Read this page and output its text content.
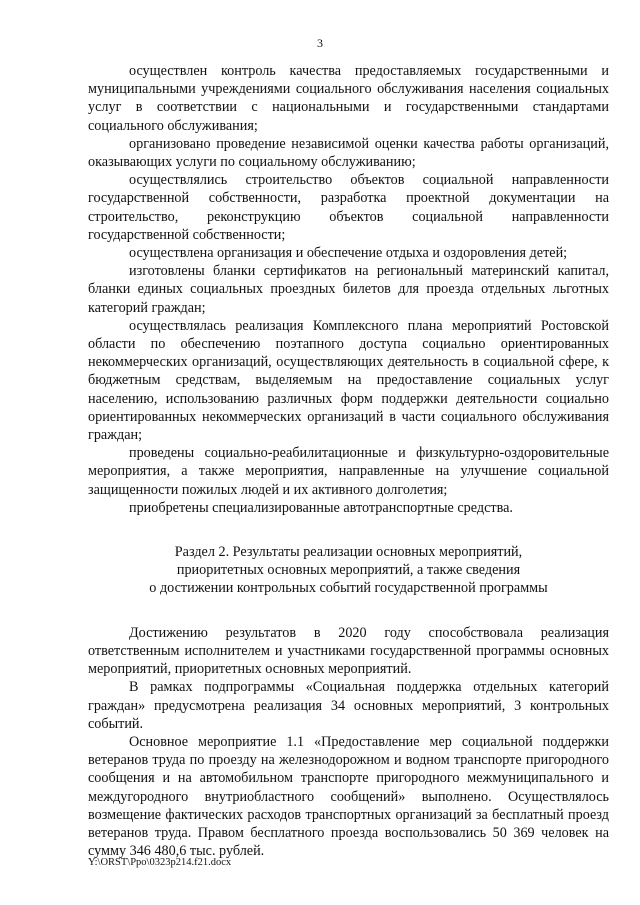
3

осуществлен контроль качества предоставляемых государственными и муниципальными учреждениями социального обслуживания населения социальных услуг в соответствии с национальными и государственными стандартами социального обслуживания;

организовано проведение независимой оценки качества работы организаций, оказывающих услуги по социальному обслуживанию;

осуществлялись строительство объектов социальной направленности государственной собственности, разработка проектной документации на строительство, реконструкцию объектов социальной направленности государственной собственности;

осуществлена организация и обеспечение отдыха и оздоровления детей;

изготовлены бланки сертификатов на региональный материнский капитал, бланки единых социальных проездных билетов для проезда отдельных льготных категорий граждан;

осуществлялась реализация Комплексного плана мероприятий Ростовской области по обеспечению поэтапного доступа социально ориентированных некоммерческих организаций, осуществляющих деятельность в социальной сфере, к бюджетным средствам, выделяемым на предоставление социальных услуг населению, использованию различных форм поддержки деятельности социально ориентированных некоммерческих организаций в части социального обслуживания граждан;

проведены социально-реабилитационные и физкультурно-оздоровительные мероприятия, а также мероприятия, направленные на улучшение социальной защищенности пожилых людей и их активного долголетия;

приобретены специализированные автотранспортные средства.

Раздел 2. Результаты реализации основных мероприятий,
приоритетных основных мероприятий, а также сведения
о достижении контрольных событий государственной программы

Достижению результатов в 2020 году способствовала реализация ответственным исполнителем и участниками государственной программы основных мероприятий, приоритетных основных мероприятий.

В рамках подпрограммы «Социальная поддержка отдельных категорий граждан» предусмотрена реализация 34 основных мероприятий, 3 контрольных событий.

Основное мероприятие 1.1 «Предоставление мер социальной поддержки ветеранов труда по проезду на железнодорожном и водном транспорте пригородного сообщения и на автомобильном транспорте пригородного межмуниципального и междугородного внутриобластного сообщений» выполнено. Осуществлялось возмещение фактических расходов транспортных организаций за бесплатный проезд ветеранов труда. Правом бесплатного проезда воспользовались 50 369 человек на сумму 346 480,6 тыс. рублей.

Y:\ORST\Ppo\0323p214.f21.docx
